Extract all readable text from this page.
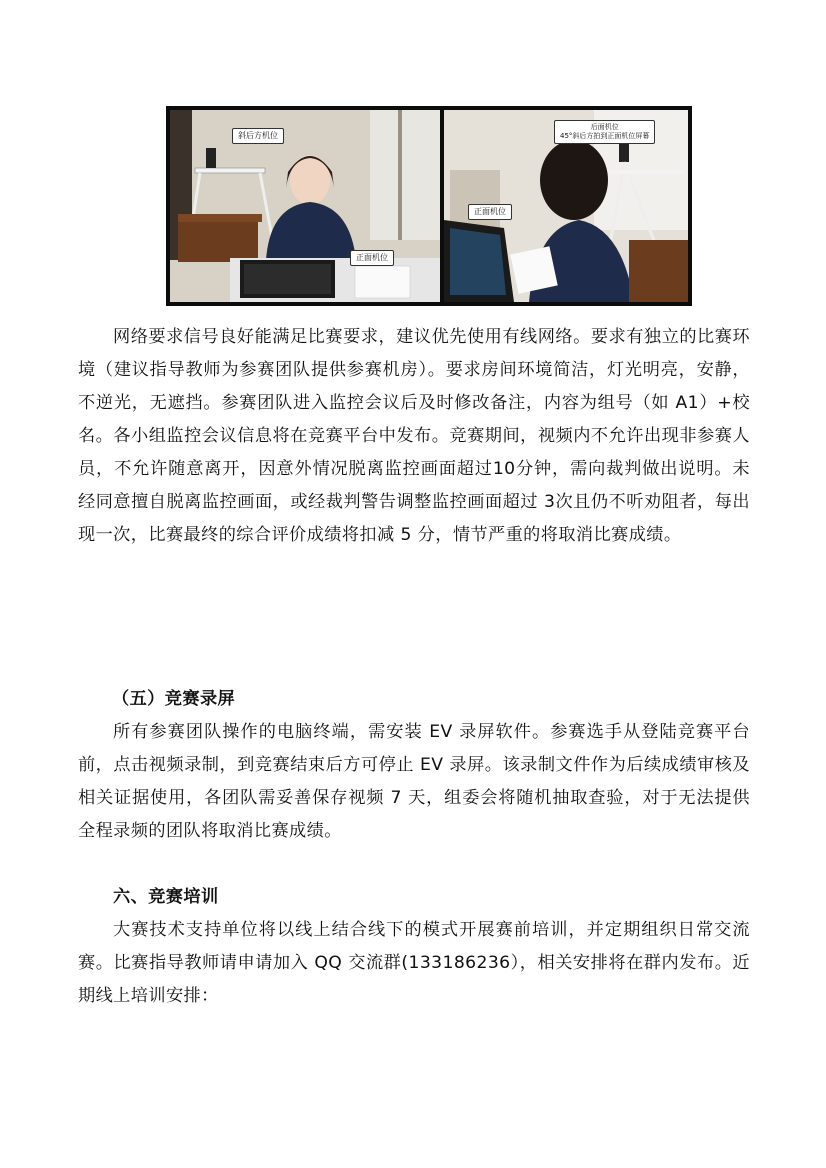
斜后方机位
正面机位
后面机位
45°斜后方拍到正面机位屏幕
正面机位

网络要求信号良好能满足比赛要求，建议优先使用有线网络。要求有独立的比赛环境（建议指导教师为参赛团队提供参赛机房）。要求房间环境简洁，灯光明亮，安静，不逆光，无遮挡。参赛团队进入监控会议后及时修改备注，内容为组号（如 A1）+校名。各小组监控会议信息将在竞赛平台中发布。竞赛期间，视频内不允许出现非参赛人员，不允许随意离开，因意外情况脱离监控画面超过10分钟，需向裁判做出说明。未经同意擅自脱离监控画面，或经裁判警告调整监控画面超过 3次且仍不听劝阻者，每出现一次，比赛最终的综合评价成绩将扣减 5 分，情节严重的将取消比赛成绩。

（五）竞赛录屏

所有参赛团队操作的电脑终端，需安装 EV 录屏软件。参赛选手从登陆竞赛平台前，点击视频录制，到竞赛结束后方可停止 EV 录屏。该录制文件作为后续成绩审核及相关证据使用，各团队需妥善保存视频 7 天，组委会将随机抽取查验，对于无法提供全程录频的团队将取消比赛成绩。

六、竞赛培训

大赛技术支持单位将以线上结合线下的模式开展赛前培训，并定期组织日常交流赛。比赛指导教师请申请加入 QQ 交流群(133186236），相关安排将在群内发布。近期线上培训安排：
